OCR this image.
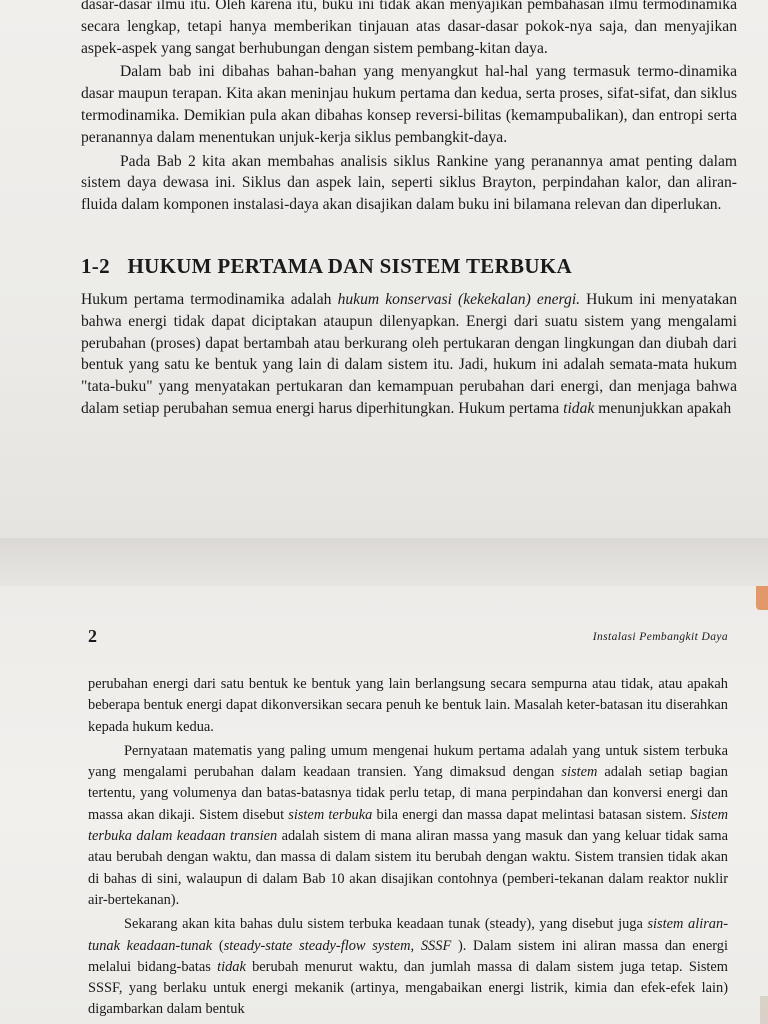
dasar-dasar ilmu itu. Oleh karena itu, buku ini tidak akan menyajikan pembahasan ilmu termodinamika secara lengkap, tetapi hanya memberikan tinjauan atas dasar-dasar pokok-nya saja, dan menyajikan aspek-aspek yang sangat berhubungan dengan sistem pembang-kitan daya.

Dalam bab ini dibahas bahan-bahan yang menyangkut hal-hal yang termasuk termo-dinamika dasar maupun terapan. Kita akan meninjau hukum pertama dan kedua, serta proses, sifat-sifat, dan siklus termodinamika. Demikian pula akan dibahas konsep reversi-bilitas (kemampubalikan), dan entropi serta peranannya dalam menentukan unjuk-kerja siklus pembangkit-daya.

Pada Bab 2 kita akan membahas analisis siklus Rankine yang peranannya amat penting dalam sistem daya dewasa ini. Siklus dan aspek lain, seperti siklus Brayton, perpindahan kalor, dan aliran-fluida dalam komponen instalasi-daya akan disajikan dalam buku ini bilamana relevan dan diperlukan.

1-2 HUKUM PERTAMA DAN SISTEM TERBUKA

Hukum pertama termodinamika adalah hukum konservasi (kekekalan) energi. Hukum ini menyatakan bahwa energi tidak dapat diciptakan ataupun dilenyapkan. Energi dari suatu sistem yang mengalami perubahan (proses) dapat bertambah atau berkurang oleh pertukaran dengan lingkungan dan diubah dari bentuk yang satu ke bentuk yang lain di dalam sistem itu. Jadi, hukum ini adalah semata-mata hukum "tata-buku" yang menyatakan pertukaran dan kemampuan perubahan dari energi, dan menjaga bahwa dalam setiap perubahan semua energi harus diperhitungkan. Hukum pertama tidak menunjukkan apakah

2	Instalasi Pembangkit Daya

perubahan energi dari satu bentuk ke bentuk yang lain berlangsung secara sempurna atau tidak, atau apakah beberapa bentuk energi dapat dikonversikan secara penuh ke bentuk lain. Masalah keter-batasan itu diserahkan kepada hukum kedua.

Pernyataan matematis yang paling umum mengenai hukum pertama adalah yang untuk sistem terbuka yang mengalami perubahan dalam keadaan transien. Yang dimaksud dengan sistem adalah setiap bagian tertentu, yang volumenya dan batas-batasnya tidak perlu tetap, di mana perpindahan dan konversi energi dan massa akan dikaji. Sistem disebut sistem terbuka bila energi dan massa dapat melintasi batasan sistem. Sistem terbuka dalam keadaan transien adalah sistem di mana aliran massa yang masuk dan yang keluar tidak sama atau berubah dengan waktu, dan massa di dalam sistem itu berubah dengan waktu. Sistem transien tidak akan di bahas di sini, walaupun di dalam Bab 10 akan disajikan contohnya (pemberi-tekanan dalam reaktor nuklir air-bertekanan).

Sekarang akan kita bahas dulu sistem terbuka keadaan tunak (steady), yang disebut juga sistem aliran-tunak keadaan-tunak (steady-state steady-flow system, SSSF ). Dalam sistem ini aliran massa dan energi melalui bidang-batas tidak berubah menurut waktu, dan jumlah massa di dalam sistem juga tetap. Sistem SSSF, yang berlaku untuk energi mekanik (artinya, mengabaikan energi listrik, kimia dan efek-efek lain) digambarkan dalam bentuk
